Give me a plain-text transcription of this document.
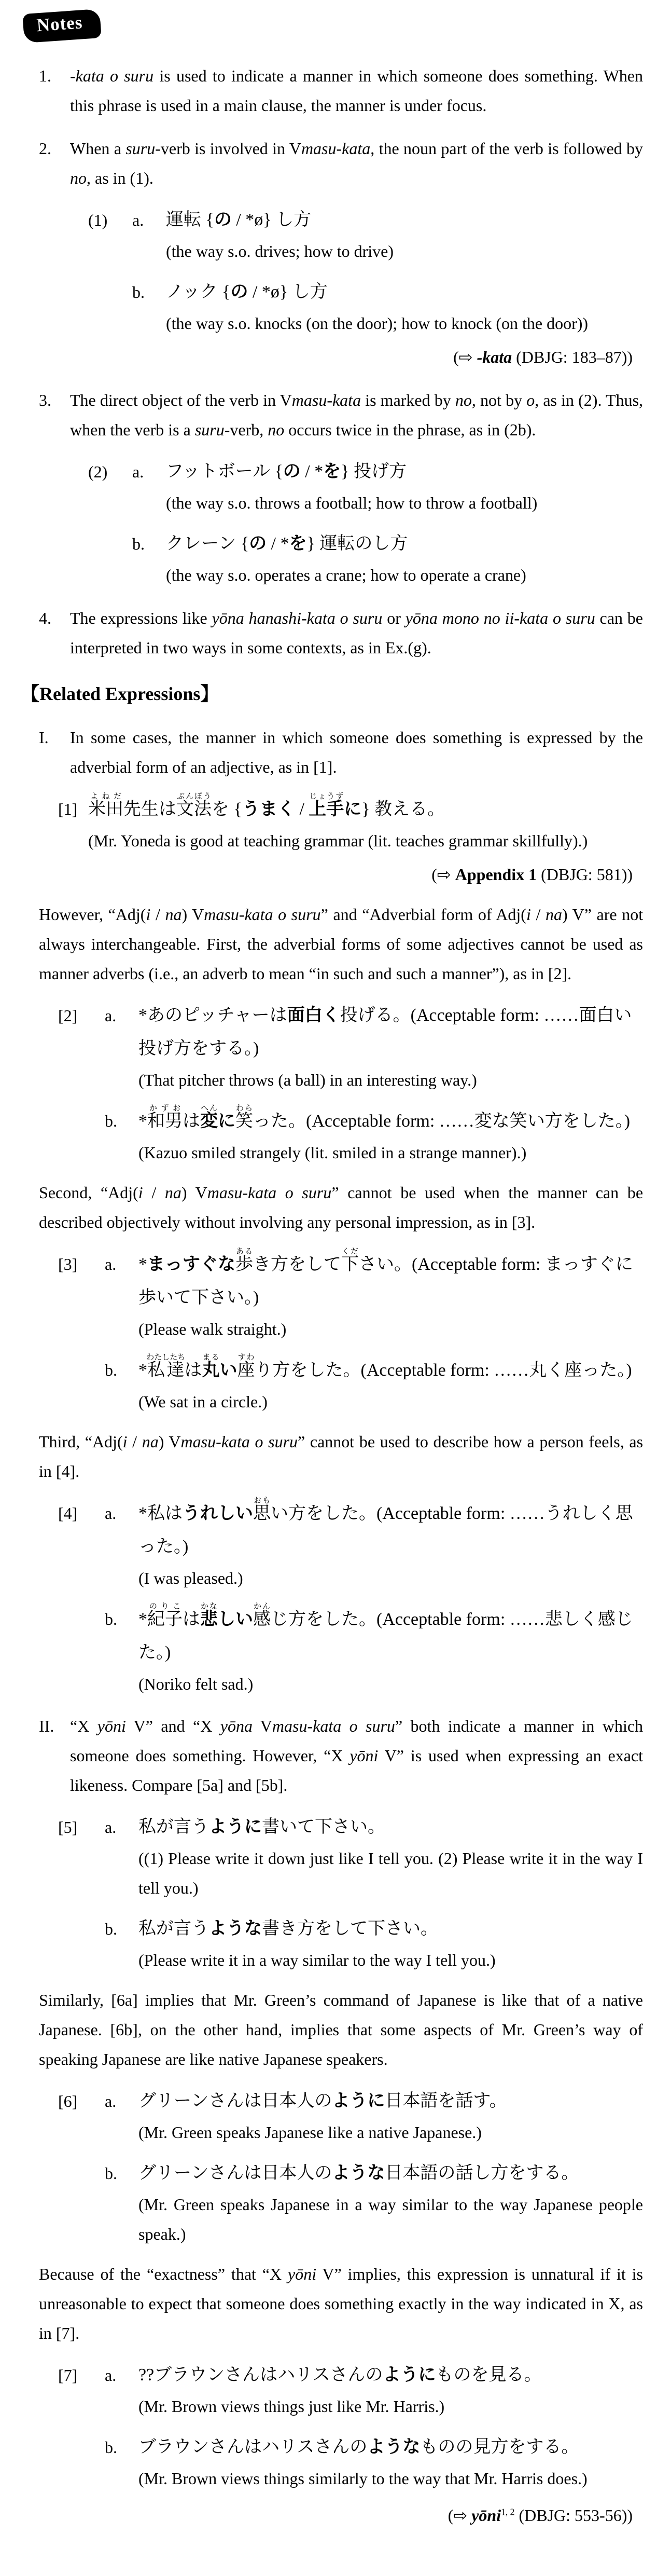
Notes
1.	-kata o suru is used to indicate a manner in which someone does something. When this phrase is used in a main clause, the manner is under focus.
2.	When a suru-verb is involved in Vmasu-kata, the noun part of the verb is followed by no, as in (1).
(1)	a.	運転 {の / *ø} し方
(the way s.o. drives; how to drive)
b.	ノック {の / *ø} し方
(the way s.o. knocks (on the door); how to knock (on the door))
(⇨ -kata (DBJG: 183–87))
3.	The direct object of the verb in Vmasu-kata is marked by no, not by o, as in (2). Thus, when the verb is a suru-verb, no occurs twice in the phrase, as in (2b).
(2)	a.	フットボール {の / *を} 投げ方
(the way s.o. throws a football; how to throw a football)
b.	クレーン {の / *を} 運転のし方
(the way s.o. operates a crane; how to operate a crane)
4.	The expressions like yōna hanashi-kata o suru or yōna mono no ii-kata o suru can be interpreted in two ways in some contexts, as in Ex.(g).
【Related Expressions】
I.	In some cases, the manner in which someone does something is expressed by the adverbial form of an adjective, as in [1].
[1] 米田よねだ先生は文法ぶんぽうを {うまく / 上手じょうずに} 教える。
(Mr. Yoneda is good at teaching grammar (lit. teaches grammar skillfully).)
(⇨ Appendix 1 (DBJG: 581))
However, “Adj(i / na) Vmasu-kata o suru” and “Adverbial form of Adj(i / na) V” are not always interchangeable. First, the adverbial forms of some adjectives cannot be used as manner adverbs (i.e., an adverb to mean “in such and such a manner”), as in [2].
[2]	a.	*あのピッチャーは面白く投げる。(Acceptable form: ……面白い投げ方をする。)
(That pitcher throws (a ball) in an interesting way.)
b.	*和男かずおは変へんに笑わらった。(Acceptable form: ……変な笑い方をした。)
(Kazuo smiled strangely (lit. smiled in a strange manner).)
Second, “Adj(i / na) Vmasu-kata o suru” cannot be used when the manner can be described objectively without involving any personal impression, as in [3].
[3]	a.	*まっすぐな歩あるき方をして下ください。(Acceptable form: まっすぐに歩いて下さい。)
(Please walk straight.)
b.	*私達わたしたちは丸まるい座すわり方をした。(Acceptable form: ……丸く座った。)
(We sat in a circle.)
Third, “Adj(i / na) Vmasu-kata o suru” cannot be used to describe how a person feels, as in [4].
[4]	a.	*私はうれしい思おもい方をした。(Acceptable form: ……うれしく思った。)
(I was pleased.)
b.	*紀子のりこは悲かなしい感かんじ方をした。(Acceptable form: ……悲しく感じた。)
(Noriko felt sad.)
II. “X yōni V” and “X yōna Vmasu-kata o suru” both indicate a manner in which someone does something. However, “X yōni V” is used when expressing an exact likeness. Compare [5a] and [5b].
[5]	a.	私が言うように書いて下さい。
((1) Please write it down just like I tell you. (2) Please write it in the way I tell you.)
b.	私が言うような書き方をして下さい。
(Please write it in a way similar to the way I tell you.)
Similarly, [6a] implies that Mr. Green’s command of Japanese is like that of a native Japanese. [6b], on the other hand, implies that some aspects of Mr. Green’s way of speaking Japanese are like native Japanese speakers.
[6]	a.	グリーンさんは日本人のように日本語を話す。
(Mr. Green speaks Japanese like a native Japanese.)
b.	グリーンさんは日本人のような日本語の話し方をする。
(Mr. Green speaks Japanese in a way similar to the way Japanese people speak.)
Because of the “exactness” that “X yōni V” implies, this expression is unnatural if it is unreasonable to expect that someone does something exactly in the way indicated in X, as in [7].
[7]	a.	??ブラウンさんはハリスさんのようにものを見る。
(Mr. Brown views things just like Mr. Harris.)
b.	ブラウンさんはハリスさんのようなものの見方をする。
(Mr. Brown views things similarly to the way that Mr. Harris does.)
(⇨ yōni$^{1, 2}$ (DBJG: 553-56))
